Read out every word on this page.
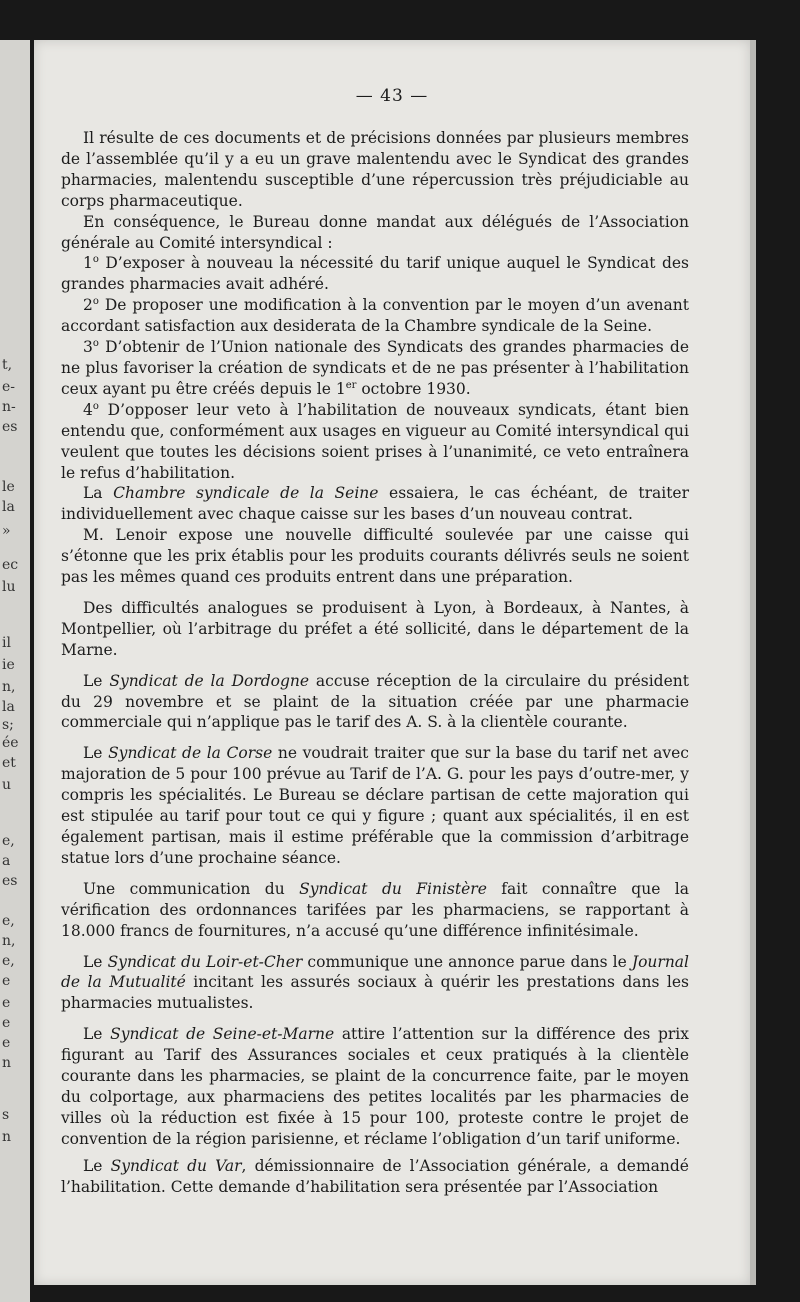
t,
e-
n-
es
le
la
»
ec
lu
il
ie
n,
la
s;
ée
et
u
e,
a
es
e,
n,
e,
e
e
e
e
n
s
n
— 43 —

Il résulte de ces documents et de précisions données par plusieurs membres de l’assemblée qu’il y a eu un grave malentendu avec le Syndicat des grandes pharmacies, malentendu susceptible d’une répercussion très préjudiciable au corps pharmaceutique.

En conséquence, le Bureau donne mandat aux délégués de l’Association générale au Comité intersyndical :

1$^o$ D’exposer à nouveau la nécessité du tarif unique auquel le Syndicat des grandes pharmacies avait adhéré.

2$^o$ De proposer une modification à la convention par le moyen d’un avenant accordant satisfaction aux desiderata de la Chambre syndicale de la Seine.

3$^o$ D’obtenir de l’Union nationale des Syndicats des grandes pharmacies de ne plus favoriser la création de syndicats et de ne pas présenter à l’habilitation ceux ayant pu être créés depuis le 1er octobre 1930.

4$^o$ D’opposer leur veto à l’habilitation de nouveaux syndicats, étant bien entendu que, conformément aux usages en vigueur au Comité intersyndical qui veulent que toutes les décisions soient prises à l’unanimité, ce veto entraînera le refus d’habilitation.

La Chambre syndicale de la Seine essaiera, le cas échéant, de traiter individuellement avec chaque caisse sur les bases d’un nouveau contrat.

M. Lenoir expose une nouvelle difficulté soulevée par une caisse qui s’étonne que les prix établis pour les produits courants délivrés seuls ne soient pas les mêmes quand ces produits entrent dans une préparation.

Des difficultés analogues se produisent à Lyon, à Bordeaux, à Nantes, à Montpellier, où l’arbitrage du préfet a été sollicité, dans le département de la Marne.

Le Syndicat de la Dordogne accuse réception de la circulaire du président du 29 novembre et se plaint de la situation créée par une pharmacie commerciale qui n’applique pas le tarif des A. S. à la clientèle courante.

Le Syndicat de la Corse ne voudrait traiter que sur la base du tarif net avec majoration de 5 pour 100 prévue au Tarif de l’A. G. pour les pays d’outre-mer, y compris les spécialités. Le Bureau se déclare partisan de cette majoration qui est stipulée au tarif pour tout ce qui y figure ; quant aux spécialités, il en est également partisan, mais il estime préférable que la commission d’arbitrage statue lors d’une prochaine séance.

Une communication du Syndicat du Finistère fait connaître que la vérification des ordonnances tarifées par les pharmaciens, se rapportant à 18.000 francs de fournitures, n’a accusé qu’une différence infinitésimale.

Le Syndicat du Loir-et-Cher communique une annonce parue dans le Journal de la Mutualité incitant les assurés sociaux à quérir les prestations dans les pharmacies mutualistes.

Le Syndicat de Seine-et-Marne attire l’attention sur la différence des prix figurant au Tarif des Assurances sociales et ceux pratiqués à la clientèle courante dans les pharmacies, se plaint de la concurrence faite, par le moyen du colportage, aux pharmaciens des petites localités par les pharmacies de villes où la réduction est fixée à 15 pour 100, proteste contre le projet de convention de la région parisienne, et réclame l’obligation d’un tarif uniforme.

Le Syndicat du Var, démissionnaire de l’Association générale, a demandé l’habilitation. Cette demande d’habilitation sera présentée par l’Association
